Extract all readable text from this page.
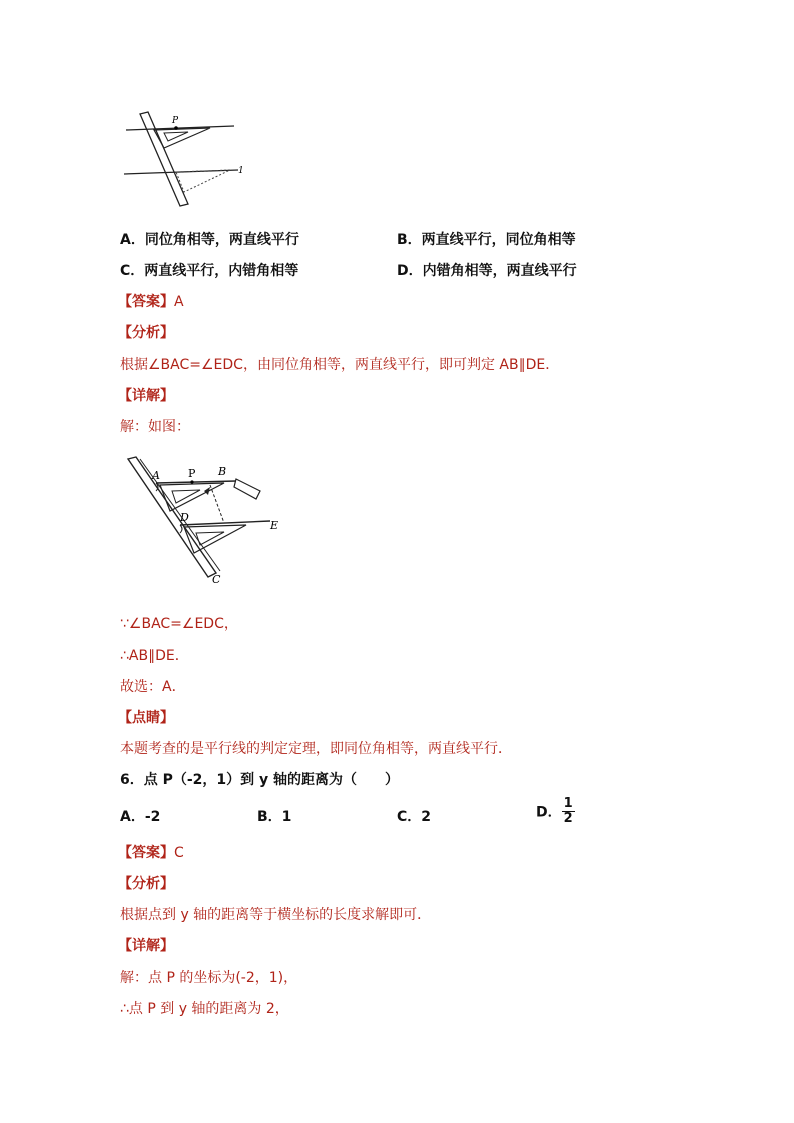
P
1
A．同位角相等，两直线平行	B．两直线平行，同位角相等
C．两直线平行，内错角相等	D．内错角相等，两直线平行
【答案】A
【分析】
根据∠BAC=∠EDC，由同位角相等，两直线平行，即可判定 AB∥DE．
【详解】
解：如图：
A	P B
D
E
C
∵∠BAC=∠EDC，
∴AB∥DE．
故选：A．
【点睛】
本题考查的是平行线的判定定理，即同位角相等，两直线平行．
6．点 P（-2，1）到 y 轴的距离为（　　）
A．-2	B．1	C．2	D． $\frac{1}{2}$
【答案】C
【分析】
根据点到 y 轴的距离等于横坐标的长度求解即可．
【详解】
解：点 P 的坐标为(-2，1)，
∴点 P 到 y 轴的距离为 2，
